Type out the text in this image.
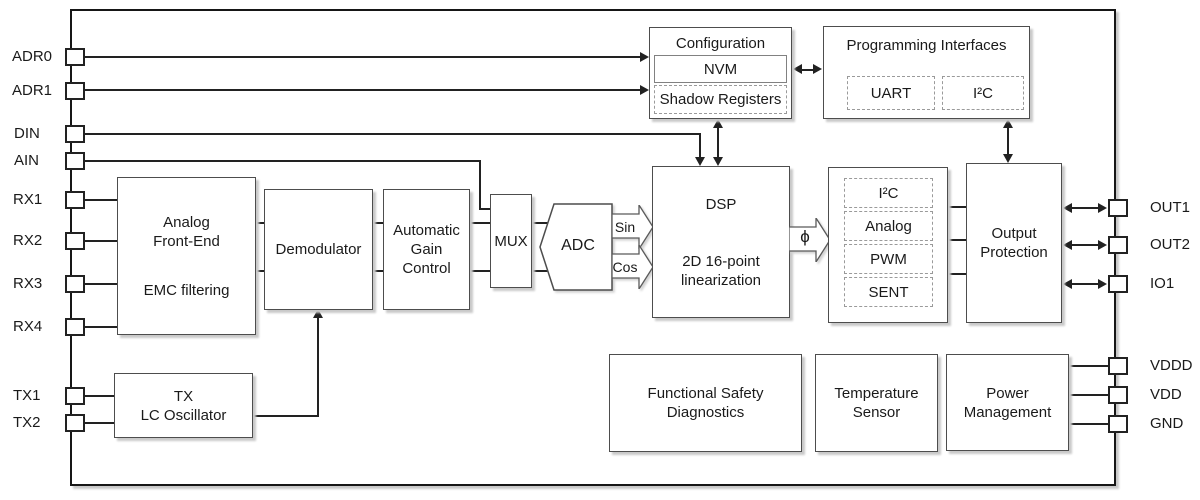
Analog
Front-End
EMC filtering
Demodulator
Automatic
Gain
Control
MUX	ADC
Sin
Cos
DSP
2D 16-point
linearization
ϕ
TX
LC Oscillator
Configuration
NVM
Shadow Registers
Programming Interfaces
UART	I²C
I²C
Analog
PWM
SENT
Output
Protection
Functional Safety
Diagnostics
Temperature
Sensor
Power
Management
ADR0
ADR1
DIN
AIN
RX1
RX2
RX3
RX4
TX1
TX2
OUT1
OUT2
IO1
VDDD
VDD
GND
